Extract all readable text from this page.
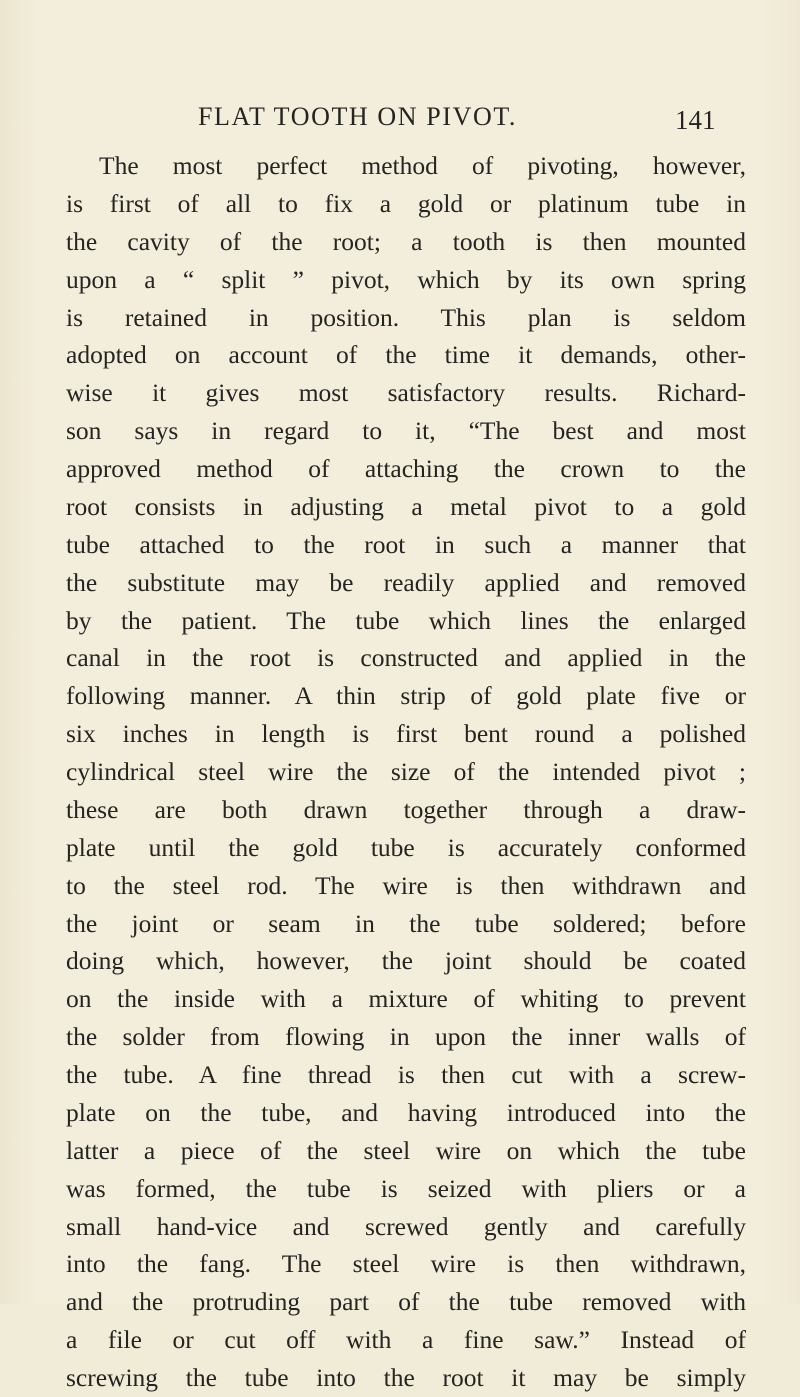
FLAT TOOTH ON PIVOT.	141
The most perfect method of pivoting, however,
is first of all to fix a gold or platinum tube in
the cavity of the root; a tooth is then mounted
upon a “ split ” pivot, which by its own spring
is retained in position. This plan is seldom
adopted on account of the time it demands, other-
wise it gives most satisfactory results. Richard-
son says in regard to it, “The best and most
approved method of attaching the crown to the
root consists in adjusting a metal pivot to a gold
tube attached to the root in such a manner that
the substitute may be readily applied and removed
by the patient. The tube which lines the enlarged
canal in the root is constructed and applied in the
following manner. A thin strip of gold plate five or
six inches in length is first bent round a polished
cylindrical steel wire the size of the intended pivot ;
these are both drawn together through a draw-
plate until the gold tube is accurately conformed
to the steel rod. The wire is then withdrawn and
the joint or seam in the tube soldered; before
doing which, however, the joint should be coated
on the inside with a mixture of whiting to prevent
the solder from flowing in upon the inner walls of
the tube. A fine thread is then cut with a screw-
plate on the tube, and having introduced into the
latter a piece of the steel wire on which the tube
was formed, the tube is seized with pliers or a
small hand-vice and screwed gently and carefully
into the fang. The steel wire is then withdrawn,
and the protruding part of the tube removed with
a file or cut off with a fine saw.” Instead of
screwing the tube into the root it may be simply
